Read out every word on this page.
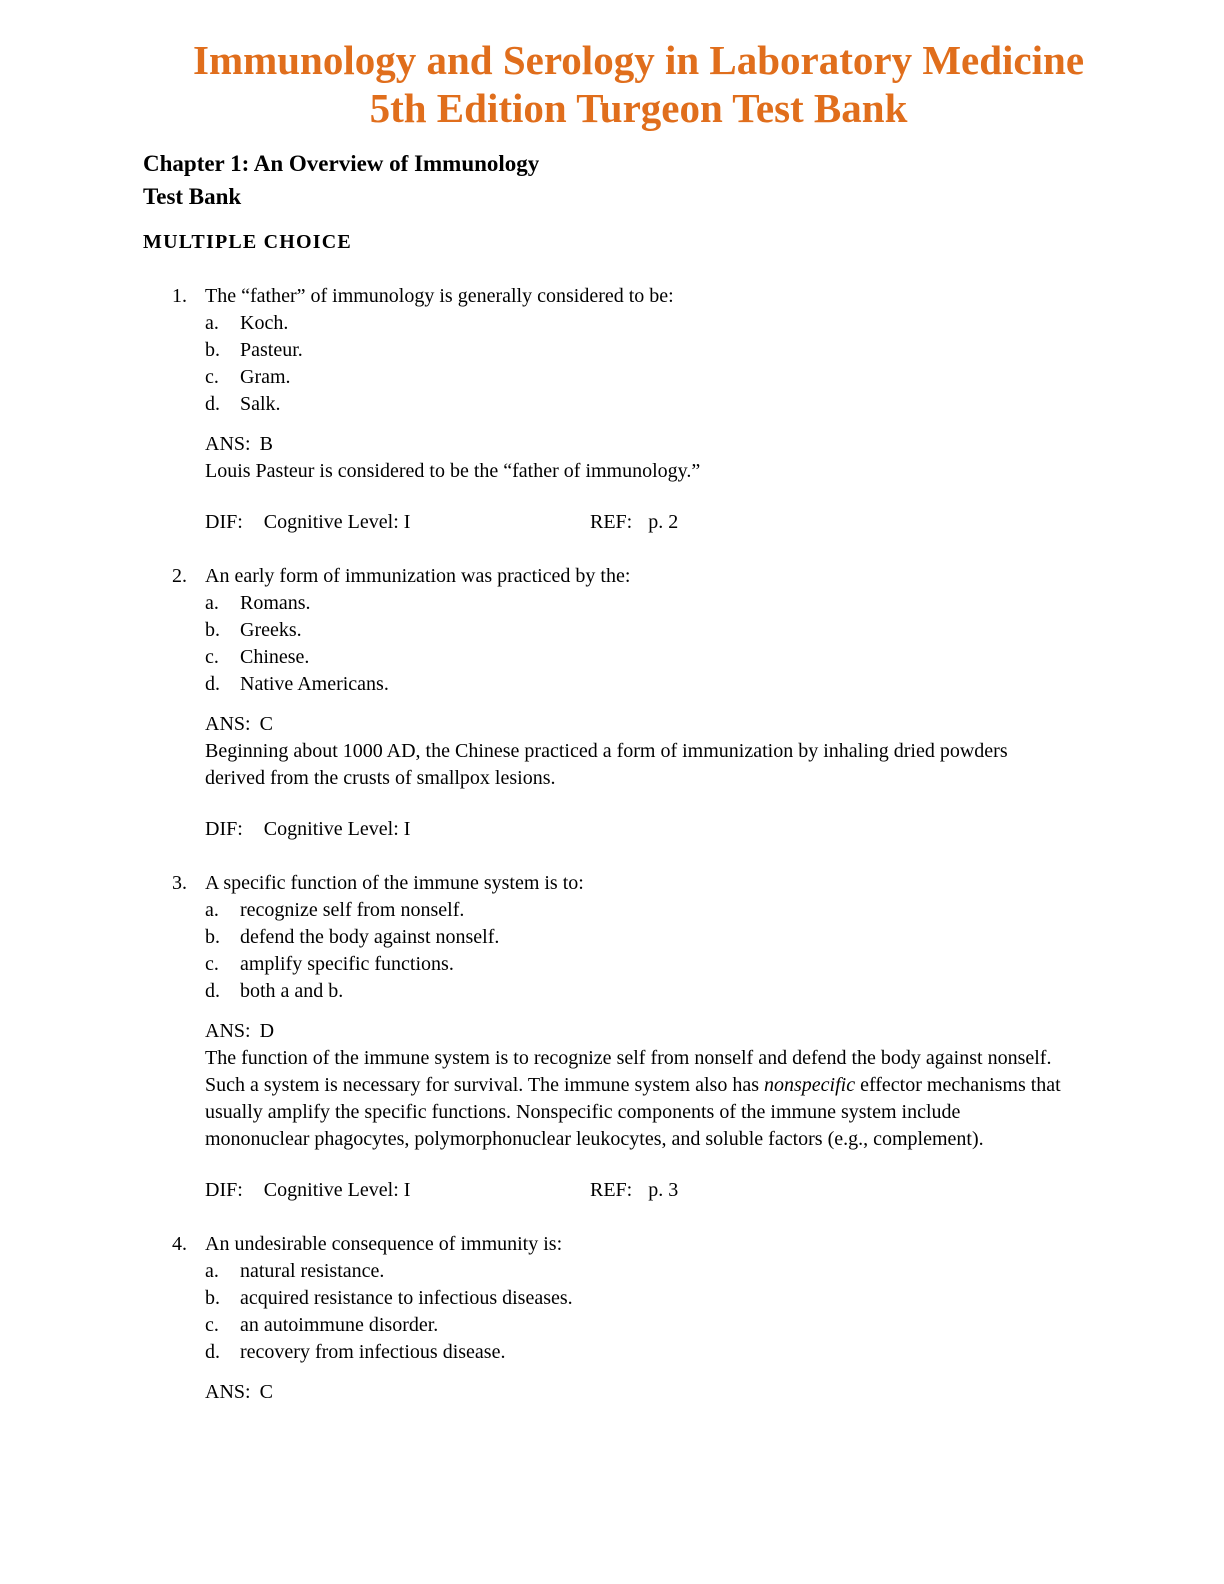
Immunology and Serology in Laboratory Medicine
5th Edition Turgeon Test Bank
Chapter 1: An Overview of Immunology
Test Bank
MULTIPLE CHOICE
1. The “father” of immunology is generally considered to be:

a.	Koch.
b.	Pasteur.
c.	Gram.
d.	Salk.

ANS: B

Louis Pasteur is considered to be the “father of immunology.”

DIF: Cognitive Level: I	REF: p. 2
2. An early form of immunization was practiced by the:

a.	Romans.
b.	Greeks.
c.	Chinese.
d.	Native Americans.

ANS: C

Beginning about 1000 AD, the Chinese practiced a form of immunization by inhaling dried powders derived from the crusts of smallpox lesions.

DIF: Cognitive Level: I
3. A specific function of the immune system is to:

a.	recognize self from nonself.
b.	defend the body against nonself.
c.	amplify specific functions.
d.	both a and b.

ANS: D

The function of the immune system is to recognize self from nonself and defend the body against nonself. Such a system is necessary for survival. The immune system also has nonspecific effector mechanisms that usually amplify the specific functions. Nonspecific components of the immune system include mononuclear phagocytes, polymorphonuclear leukocytes, and soluble factors (e.g., complement).

DIF: Cognitive Level: I	REF: p. 3
4. An undesirable consequence of immunity is:

a.	natural resistance.
b.	acquired resistance to infectious diseases.
c.	an autoimmune disorder.
d.	recovery from infectious disease.

ANS: C
